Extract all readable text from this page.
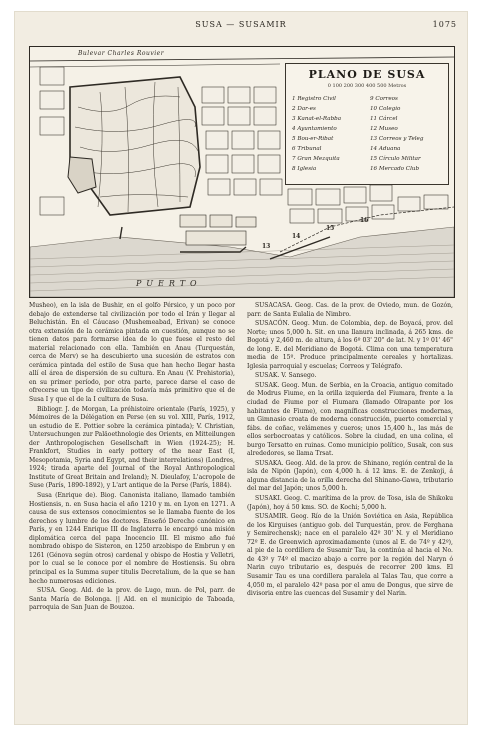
SUSA — SUSAMIR	1075
Bulevar Charles Rouvier
PUERTO
13
14
15
16
PLANO DE SUSA
0 100 200 300 400 500 Metros
1 Registro Civil
2 Dar-es
3 Kanat-el-Rabba
4 Ayuntamiento
5 Bou-er-Ribat
6 Tribunal
7 Gran Mezquita
8 Iglesia
9 Correos
10 Colegio
11 Cárcel
12 Museo
13 Correos y Teleg
14 Aduana
15 Círculo Militar
16 Mercado Club

Musheo), en la isla de Bushir, en el golfo Pérsico, y un poco por debajo de extenderse tal civilización por todo el Irán y llegar al Beluchistán. En el Cáucaso (Mushemeabad, Erivan) se conoce otra extensión de la cerámica pintada en cuestión, aunque no se tienen datos para formarse idea de lo que fuese el resto del material relacionado con ella. También en Anau (Turquestán, cerca de Merv) se ha descubierto una sucesión de estratos con cerámica pintada del estilo de Susa que han hecho llegar hasta allí el área de dispersión de su cultura. En Anau (V. Prehistoria), en su primer período, por otra parte, parece darse el caso de ofrecerse un tipo de civilización todavía más primitivo que el de Susa I y que el de la I cultura de Susa.

Bibliogr. J. de Morgan, La préhistoire orientale (París, 1925), y Mémoires de la Délégation en Perse (en su vol. XIII, París, 1912, un estudio de E. Pottier sobre la cerámica pintada); V. Christian, Untersuchungen zur Paläoethnologie des Orients, en Mitteilungen der Anthropologischen Gesellschaft in Wien (1924-25); H. Frankfort, Studies in early pottery of the near East (I, Mesopotamia, Syria and Egypt, and their interrelations) (Londres, 1924; tirada aparte del Journal of the Royal Anthropological Institute of Great Britain and Ireland); N. Dieulafoy, L'acropole de Suse (París, 1890-1892), y L'art antique de la Perse (París, 1884).

Susa (Enrique de). Biog. Canonista italiano, llamado también Hostiensis, n. en Susa hacia el año 1210 y m. en Lyon en 1271. A causa de sus extensos conocimientos se le llamaba fuente de los derechos y lumbre de los doctores. Enseñó Derecho canónico en París, y en 1244 Enrique III de Inglaterra le encargó una misión diplomática cerca del papa Inocencio III. El mismo año fué nombrado obispo de Sisteron, en 1250 arzobispo de Embrun y en 1261 (Génova según otros) cardenal y obispo de Hostia y Velletri, por lo cual se le conoce por el nombre de Hostiensis. Su obra principal es la Summa super titulis Decretalium, de la que se han hecho numerosas ediciones.

SUSA. Geog. Ald. de la prov. de Lugo, mun. de Pol, parr. de Santa María de Bolonga. || Ald. en el municipio de Taboada, parroquia de San Juan de Bouzoa.

SUSACASA. Geog. Cas. de la prov. de Oviedo, mun. de Gozón, parr. de Santa Eulalia de Nimbro.

SUSACÓN. Geog. Mun. de Colombia, dep. de Boyacá, prov. del Norte; unos 5,000 h. Sit. en una llanura inclinada, á 265 kms. de Bogotá y 2,460 m. de altura, á los 6º 03' 20" de lat. N. y 1º 01' 46" de long. E. del Meridiano de Bogotá. Clima con una temperatura media de 15º. Produce principalmente cereales y hortalizas. Iglesia parroquial y escuelas; Correos y Telégrafo.

SUSAK. V. Sansego.

SUSAK. Geog. Mun. de Serbia, en la Croacia, antiguo comitado de Modrus Fiume, en la orilla izquierda del Fiumara, frente a la ciudad de Fiume por el Fiumara (llamado Olrapante por los habitantes de Fiume), con magníficas construcciones modernas, un Gimnasio croata de moderna construcción, puerto comercial y fábs. de coñac, velámenes y cueros; unos 15,400 h., las más de ellos serbocroatas y católicos. Sobre la ciudad, en una colina, el burgo Tersatto en ruinas. Como municipio político, Susak, con sus alrededores, se llama Trsat.

SUSAKA. Geog. Ald. de la prov. de Shinano, región central de la isla de Nipón (Japón), con 4,000 h. á 12 kms. E. de Zenkoji, á alguna distancia de la orilla derecha del Shinano-Gawa, tributario del mar del Japón; unos 5,000 h.

SUSAKI. Geog. C. marítima de la prov. de Tosa, isla de Shikoku (Japón), hoy á 50 kms. SO. de Kochi; 5,000 h.

SUSAMIR. Geog. Río de la Unión Soviética en Asia, República de los Kirguises (antiguo gob. del Turquestán, prov. de Ferghana y Semirechensk); nace en el paralelo 42º 30' N. y el Meridiano 72º E. de Greenwich aproximadamente (unos al E. de 74º y 42º), al pie de la cordillera de Susamir Tau, la continúa al hacia el No. de 43º y 74º el macizo abajo a corre por la región del Naryn ó Narin cuyo tributario es, después de recorrer 200 kms. El Susamir Tau es una cordillera paralela al Talas Tau, que corre a 4,050 m, el paralelo 42º pasa por el amu de Dongus, que sirve de divisoria entre las cuencas del Susamir y del Narin.
